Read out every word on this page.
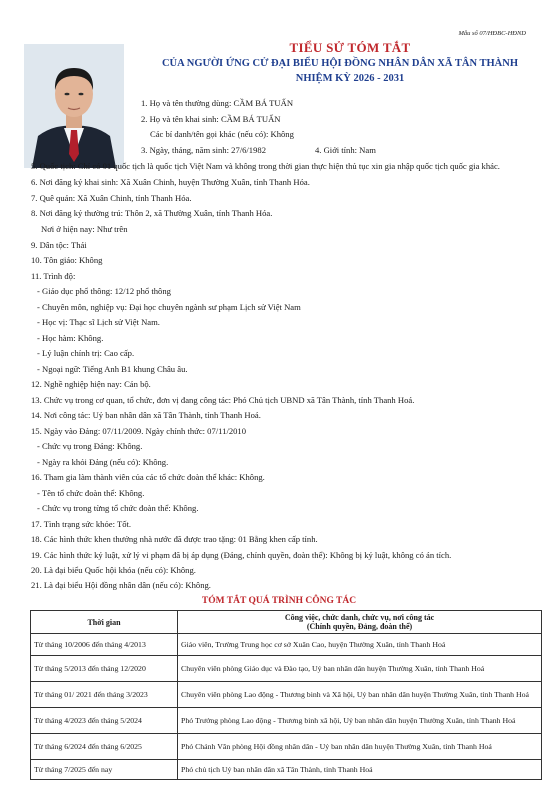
Mẫu số 07/HĐBC-HĐND
TIỂU SỬ TÓM TẮT
CỦA NGƯỜI ỨNG CỬ ĐẠI BIỂU HỘI ĐỒNG NHÂN DÂN XÃ TÂN THÀNH
NHIỆM KỲ 2026 - 2031
1. Họ và tên thường dùng: CẦM BÁ TUẤN
2. Họ và tên khai sinh: CẦM BÁ TUẤN
Các bí danh/tên gọi khác (nếu có): Không
3. Ngày, tháng, năm sinh: 27/6/1982	4. Giới tính: Nam
5. Quốc tịch: Chỉ có 01 quốc tịch là quốc tịch Việt Nam và không trong thời gian thực hiện thủ tục xin gia nhập quốc tịch quốc gia khác.
6. Nơi đăng ký khai sinh: Xã Xuân Chinh, huyện Thường Xuân, tỉnh Thanh Hóa.
7. Quê quán: Xã Xuân Chinh, tỉnh Thanh Hóa.
8. Nơi đăng ký thường trú: Thôn 2, xã Thường Xuân, tỉnh Thanh Hóa.
Nơi ở hiện nay: Như trên
9. Dân tộc: Thái
10. Tôn giáo: Không
11. Trình độ:
- Giáo dục phổ thông: 12/12 phổ thông
- Chuyên môn, nghiệp vụ: Đại học chuyên ngành sư phạm Lịch sử Việt Nam
- Học vị: Thạc sĩ Lịch sử Việt Nam.
- Học hàm: Không.
- Lý luận chính trị: Cao cấp.
- Ngoại ngữ: Tiếng Anh B1 khung Châu âu.
12. Nghề nghiệp hiện nay: Cán bộ.
13. Chức vụ trong cơ quan, tổ chức, đơn vị đang công tác: Phó Chủ tịch UBND xã Tân Thành, tỉnh Thanh Hoá.
14. Nơi công tác: Uỷ ban nhân dân xã Tân Thành, tỉnh Thanh Hoá.
15. Ngày vào Đảng: 07/11/2009. Ngày chính thức: 07/11/2010
- Chức vụ trong Đảng: Không.
- Ngày ra khỏi Đảng (nếu có): Không.
16. Tham gia làm thành viên của các tổ chức đoàn thể khác: Không.
- Tên tổ chức đoàn thể: Không.
- Chức vụ trong từng tổ chức đoàn thể: Không.
17. Tình trạng sức khỏe: Tốt.
18. Các hình thức khen thưởng nhà nước đã được trao tặng: 01 Bằng khen cấp tỉnh.
19. Các hình thức kỷ luật, xử lý vi phạm đã bị áp dụng (Đảng, chính quyền, đoàn thể): Không bị kỷ luật, không có án tích.
20. Là đại biểu Quốc hội khóa (nếu có): Không.
21. Là đại biểu Hội đồng nhân dân (nếu có): Không.
TÓM TẮT QUÁ TRÌNH CÔNG TÁC
Thời gian	Công việc, chức danh, chức vụ, nơi công tác
(Chính quyền, Đảng, đoàn thể)

Từ tháng 10/2006 đến tháng 4/2013	Giáo viên, Trường Trung học cơ sở Xuân Cao, huyện Thường Xuân, tỉnh Thanh Hoá
Từ tháng 5/2013 đến tháng 12/2020	Chuyên viên phòng Giáo dục và Đào tạo, Uỷ ban nhân dân huyện Thường Xuân, tỉnh Thanh Hoá
Từ tháng 01/ 2021 đến tháng 3/2023	Chuyên viên phòng Lao động - Thương binh và Xã hội, Uỷ ban nhân dân huyện Thường Xuân, tỉnh Thanh Hoá
Từ tháng 4/2023 đến tháng 5/2024	Phó Trưởng phòng Lao động - Thương binh xã hội, Uỷ ban nhân dân huyện Thường Xuân, tỉnh Thanh Hoá
Từ tháng 6/2024 đến tháng 6/2025	Phó Chánh Văn phòng Hội đồng nhân dân - Uỷ ban nhân dân huyện Thường Xuân, tỉnh Thanh Hoá
Từ tháng 7/2025 đến nay	Phó chủ tịch Uỷ ban nhân dân xã Tân Thành, tỉnh Thanh Hoá
